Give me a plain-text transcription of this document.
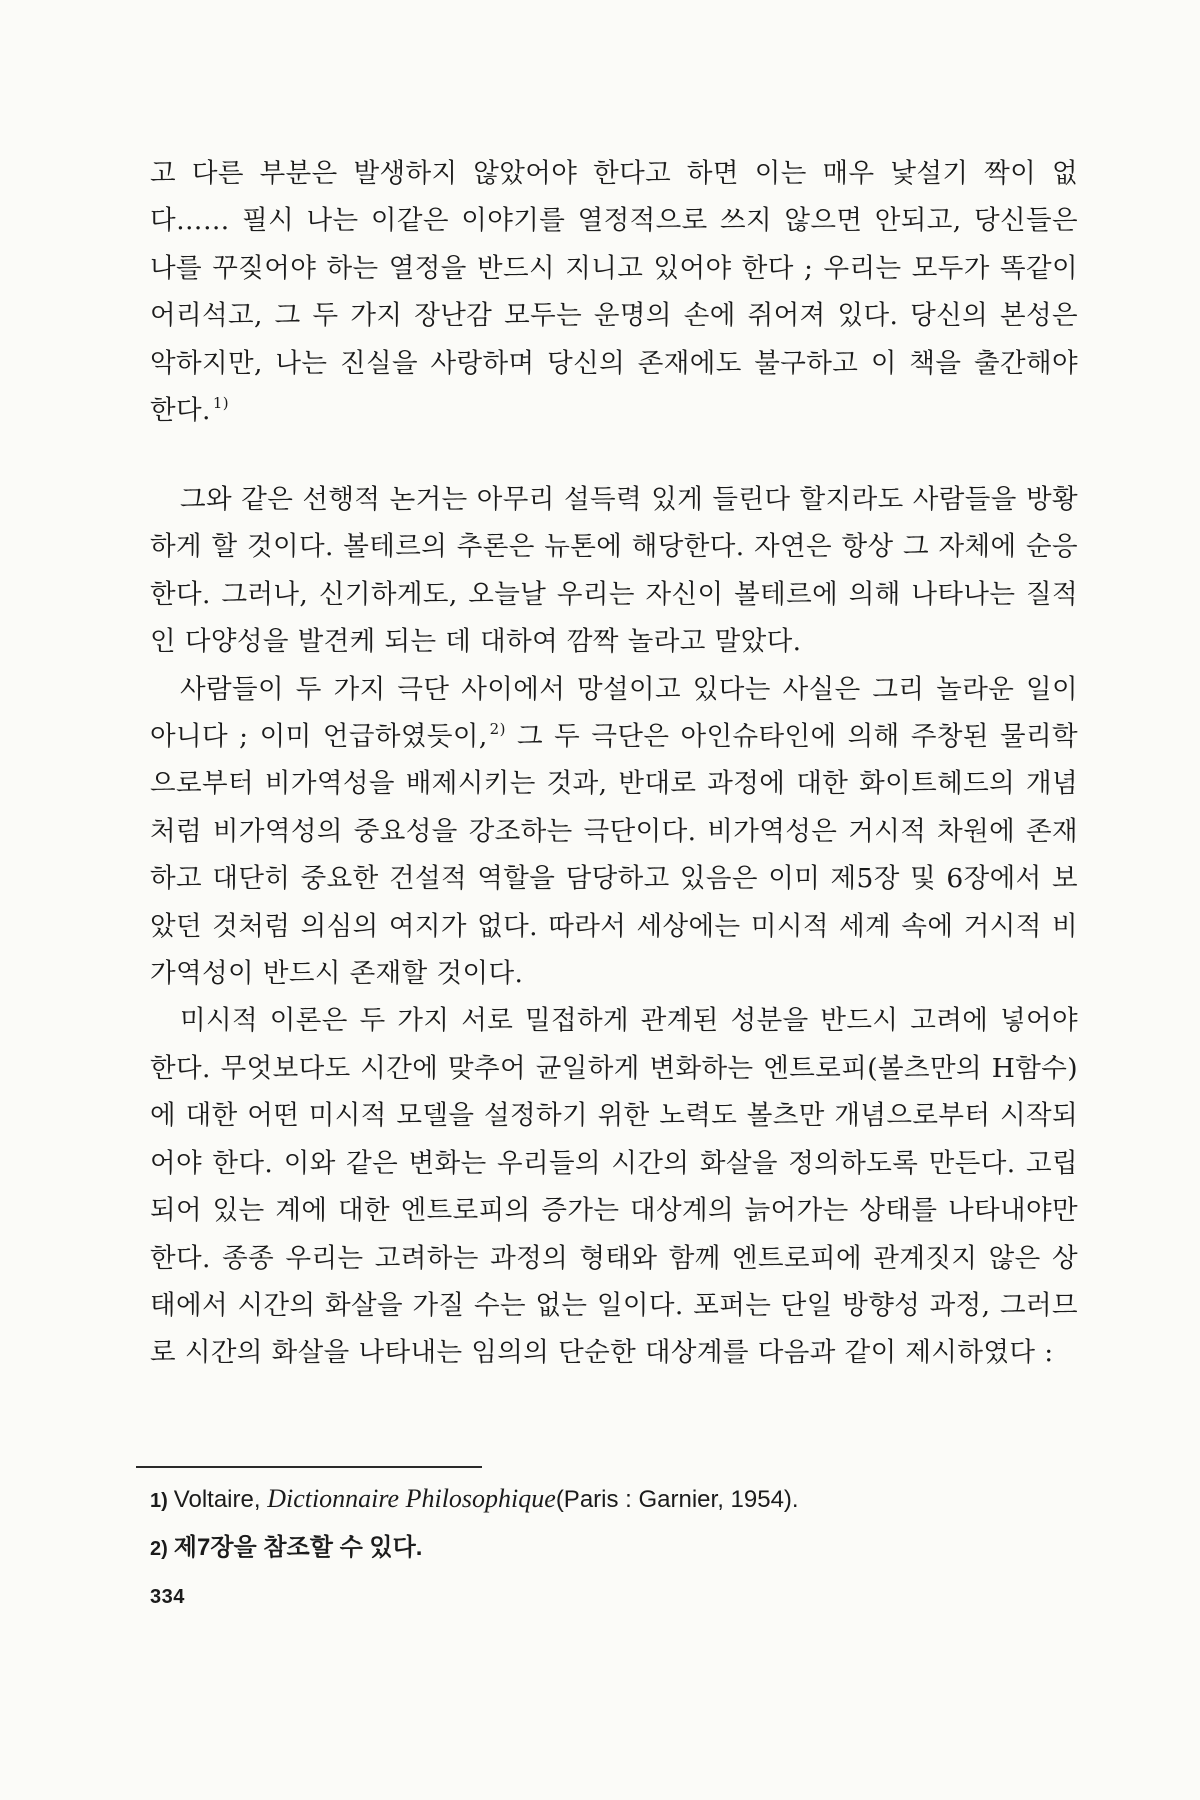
고 다른 부분은 발생하지 않았어야 한다고 하면 이는 매우 낯설기 짝이 없다…… 필시 나는 이같은 이야기를 열정적으로 쓰지 않으면 안되고, 당신들은 나를 꾸짖어야 하는 열정을 반드시 지니고 있어야 한다 ; 우리는 모두가 똑같이 어리석고, 그 두 가지 장난감 모두는 운명의 손에 쥐어져 있다. 당신의 본성은 악하지만, 나는 진실을 사랑하며 당신의 존재에도 불구하고 이 책을 출간해야 한다. $^{1)}$

그와 같은 선행적 논거는 아무리 설득력 있게 들린다 할지라도 사람들을 방황하게 할 것이다. 볼테르의 추론은 뉴톤에 해당한다. 자연은 항상 그 자체에 순응한다. 그러나, 신기하게도, 오늘날 우리는 자신이 볼테르에 의해 나타나는 질적인 다양성을 발견케 되는 데 대하여 깜짝 놀라고 말았다.

사람들이 두 가지 극단 사이에서 망설이고 있다는 사실은 그리 놀라운 일이 아니다 ; 이미 언급하였듯이, $^{2)}$ 그 두 극단은 아인슈타인에 의해 주창된 물리학으로부터 비가역성을 배제시키는 것과, 반대로 과정에 대한 화이트헤드의 개념처럼 비가역성의 중요성을 강조하는 극단이다. 비가역성은 거시적 차원에 존재하고 대단히 중요한 건설적 역할을 담당하고 있음은 이미 제5장 및 6장에서 보았던 것처럼 의심의 여지가 없다. 따라서 세상에는 미시적 세계 속에 거시적 비가역성이 반드시 존재할 것이다.

미시적 이론은 두 가지 서로 밀접하게 관계된 성분을 반드시 고려에 넣어야 한다. 무엇보다도 시간에 맞추어 균일하게 변화하는 엔트로피(볼츠만의 H함수)에 대한 어떤 미시적 모델을 설정하기 위한 노력도 볼츠만 개념으로부터 시작되어야 한다. 이와 같은 변화는 우리들의 시간의 화살을 정의하도록 만든다. 고립되어 있는 계에 대한 엔트로피의 증가는 대상계의 늙어가는 상태를 나타내야만 한다. 종종 우리는 고려하는 과정의 형태와 함께 엔트로피에 관계짓지 않은 상태에서 시간의 화살을 가질 수는 없는 일이다. 포퍼는 단일 방향성 과정, 그러므로 시간의 화살을 나타내는 임의의 단순한 대상계를 다음과 같이 제시하였다 :

1) Voltaire, Dictionnaire Philosophique(Paris : Garnier, 1954).

2) 제7장을 참조할 수 있다.

334
